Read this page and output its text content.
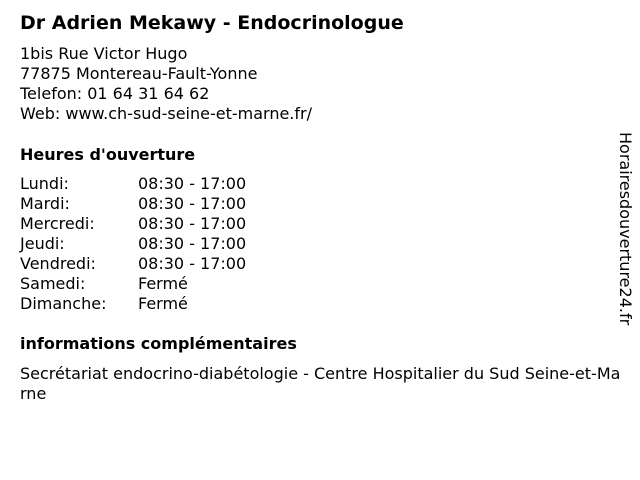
Dr Adrien Mekawy - Endocrinologue
1bis Rue Victor Hugo
77875 Montereau-Fault-Yonne
Telefon: 01 64 31 64 62
Web: www.ch-sud-seine-et-marne.fr/
Heures d'ouverture
Lundi:	08:30 - 17:00
Mardi:	08:30 - 17:00
Mercredi:	08:30 - 17:00
Jeudi:	08:30 - 17:00
Vendredi:	08:30 - 17:00
Samedi:	Fermé
Dimanche: Fermé
informations complémentaires
Secrétariat endocrino-diabétologie - Centre Hospitalier du Sud Seine-et-Marne
Horairesdouverture24.fr
